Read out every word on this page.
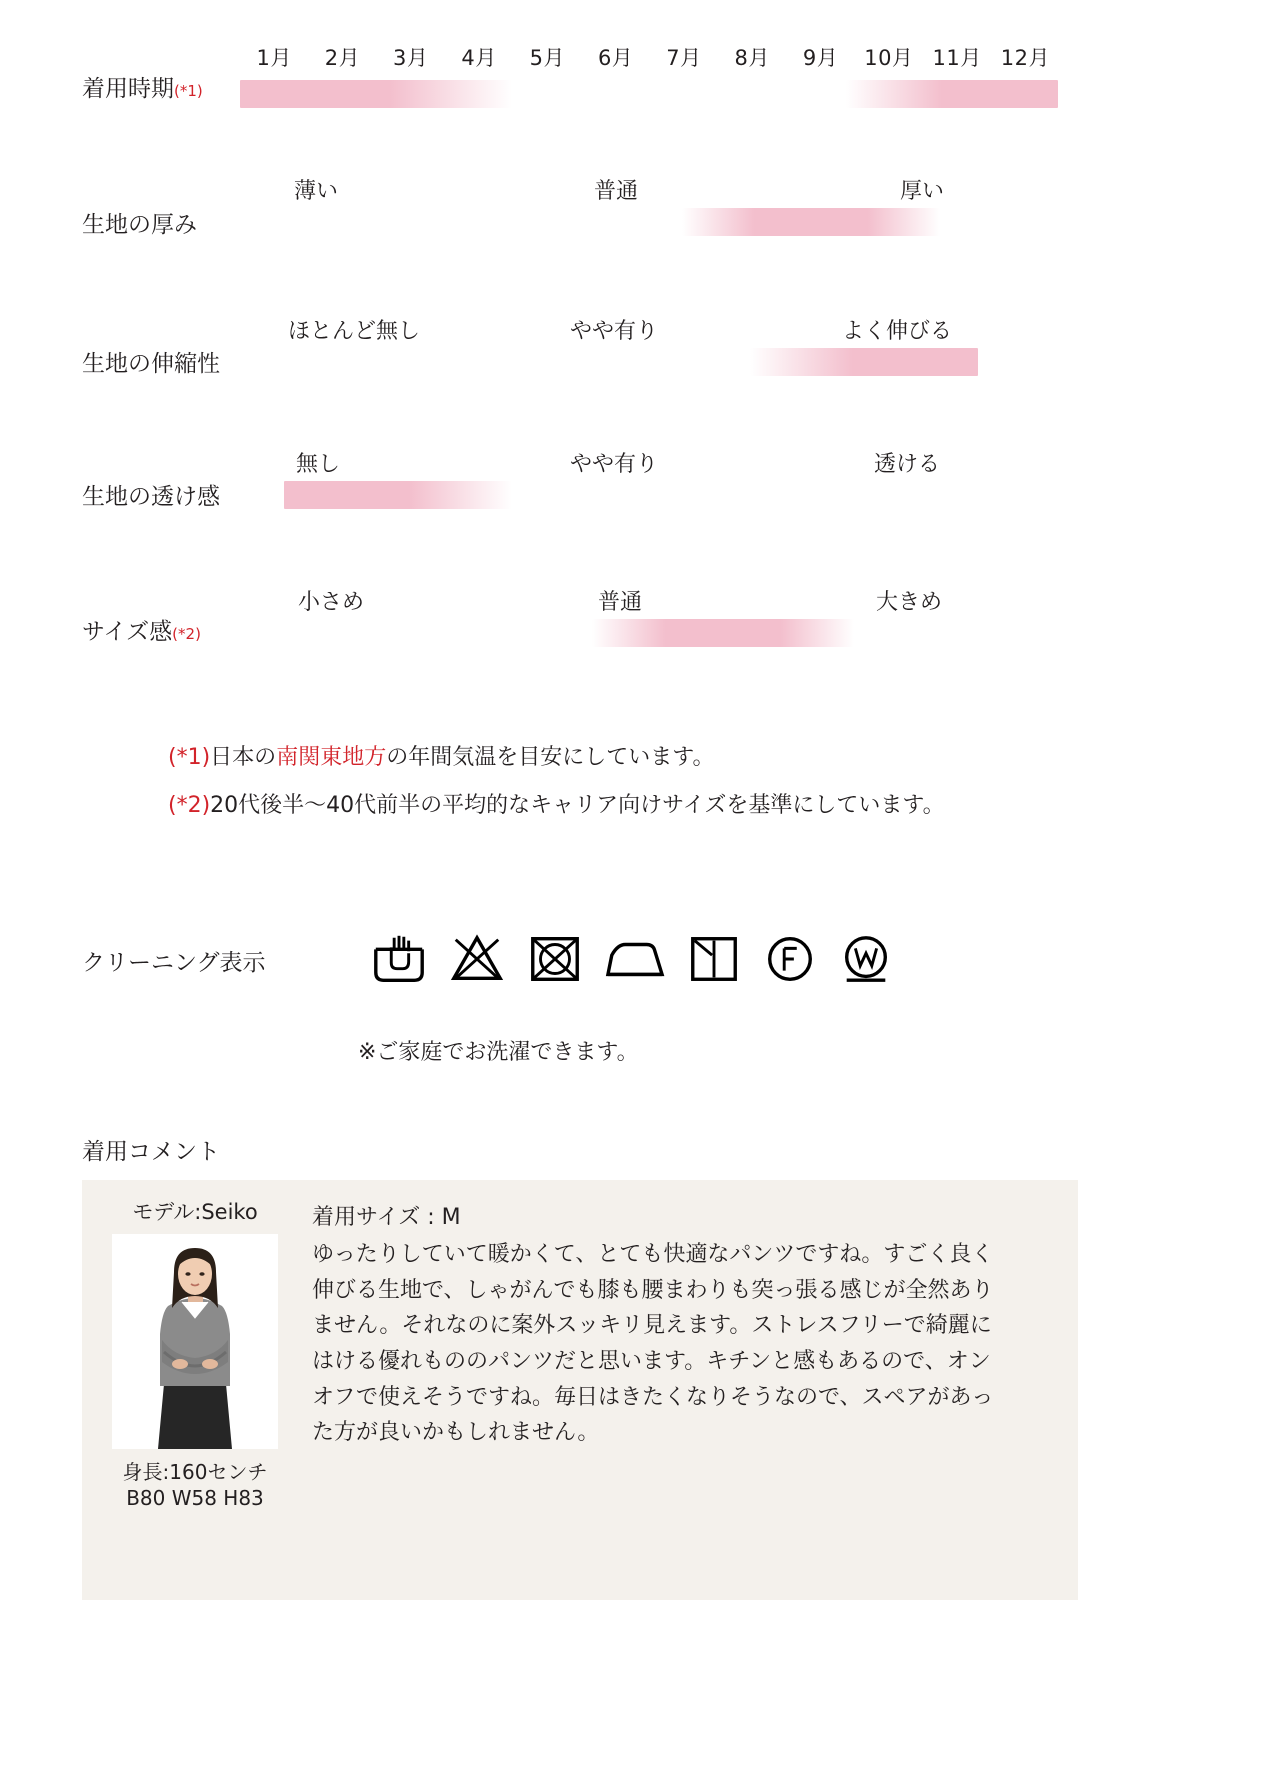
1月	2月	3月	4月	5月	6月	7月	8月	9月	10月 11月 12月
着用時期(*1)
生地の厚み
薄い	普通	厚い
生地の伸縮性
ほとんど無し	やや有り	よく伸びる
生地の透け感
無し	やや有り	透ける
サイズ感(*2)
小さめ	普通	大きめ
(*1)日本の南関東地方の年間気温を目安にしています。
(*2)20代後半〜40代前半の平均的なキャリア向けサイズを基準にしています。
クリーニング表示
※ご家庭でお洗濯できます。
着用コメント
モデル:Seiko
身長:160センチ
B80 W58 H83
着用サイズ : M
ゆったりしていて暖かくて、とても快適なパンツですね。すごく良く伸びる生地で、しゃがんでも膝も腰まわりも突っ張る感じが全然ありません。それなのに案外スッキリ見えます。ストレスフリーで綺麗にはける優れもののパンツだと思います。キチンと感もあるので、オンオフで使えそうですね。毎日はきたくなりそうなので、スペアがあった方が良いかもしれません。
